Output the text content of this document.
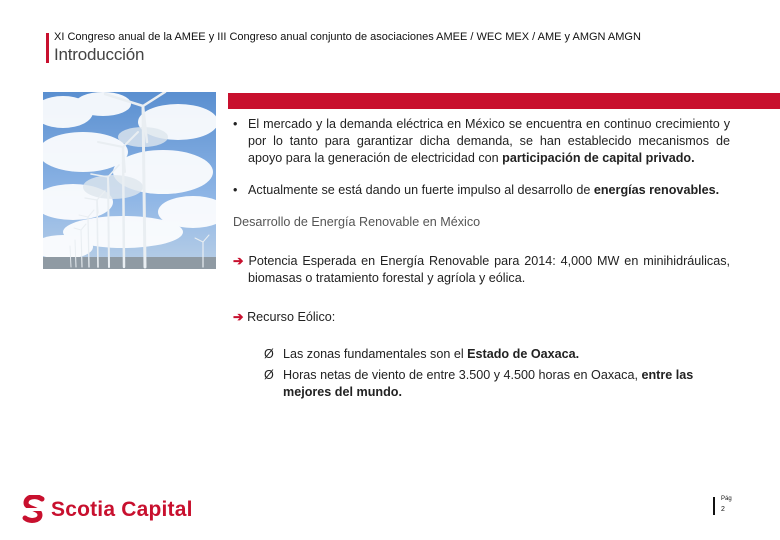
XI Congreso anual de la AMEE y III Congreso anual conjunto de asociaciones AMEE / WEC MEX / AME y AMGN AMGN
Introducción
• El mercado y la demanda eléctrica en México se encuentra en continuo crecimiento y por lo tanto para garantizar dicha demanda, se han establecido mecanismos de apoyo para la generación de electricidad con participación de capital privado.
• Actualmente se está dando un fuerte impulso al desarrollo de energías renovables.
Desarrollo de Energía Renovable en México
➔ Potencia Esperada en Energía Renovable para 2014: 4,000 MW en minihidráulicas, biomasas o tratamiento forestal y agríola y eólica.
➔ Recurso Eólico:
Ø Las zonas fundamentales son el Estado de Oaxaca.
Ø Horas netas de viento de entre 3.500 y 4.500 horas en Oaxaca, entre las mejores del mundo.
Scotia Capital	Pág
2
